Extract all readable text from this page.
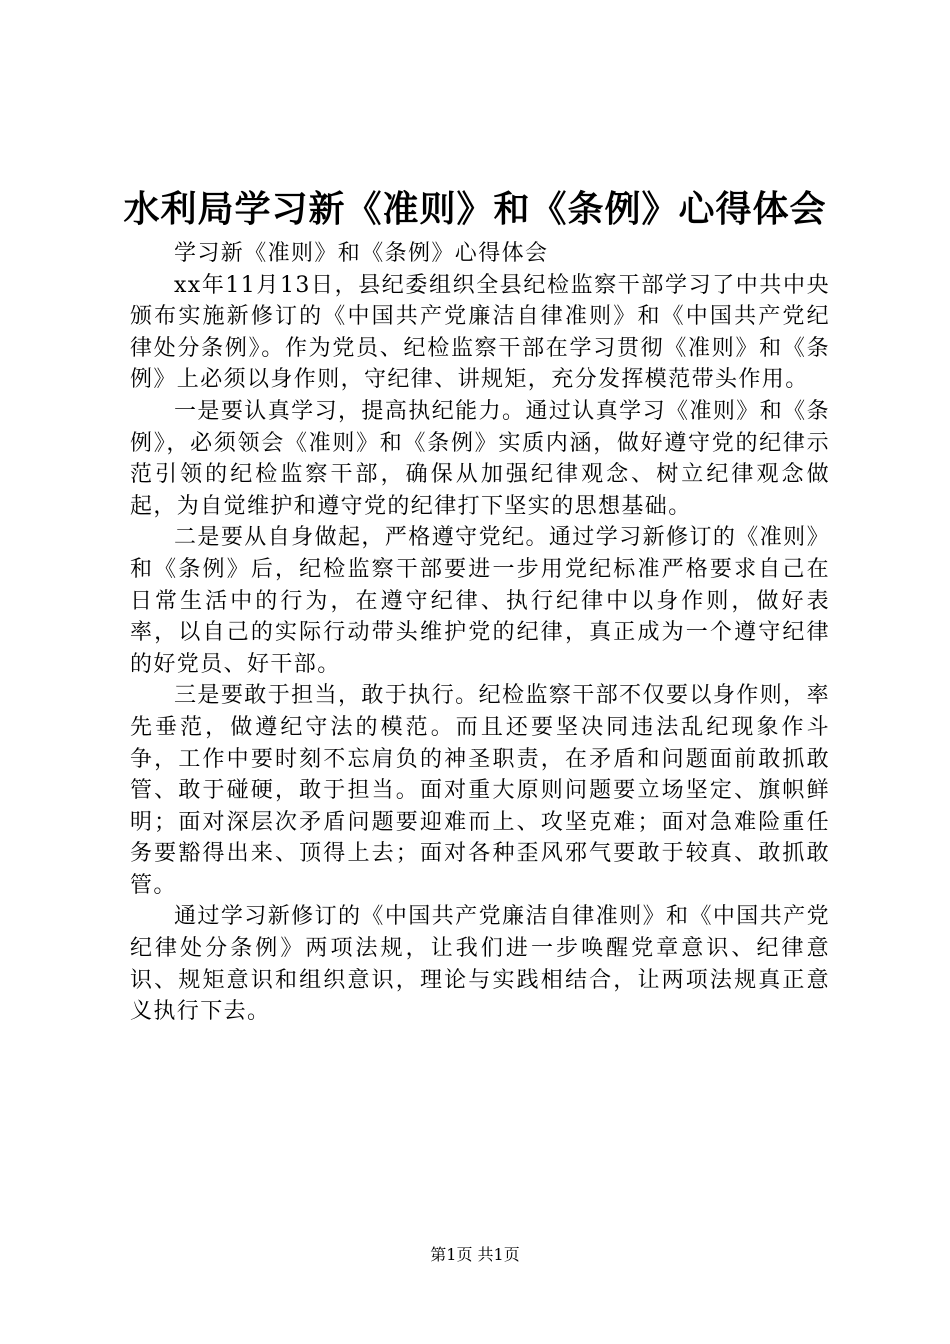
水利局学习新《准则》和《条例》心得体会

学习新《准则》和《条例》心得体会

xx年11月13日，县纪委组织全县纪检监察干部学习了中共中央颁布实施新修订的《中国共产党廉洁自律准则》和《中国共产党纪律处分条例》。作为党员、纪检监察干部在学习贯彻《准则》和《条例》上必须以身作则，守纪律、讲规矩，充分发挥模范带头作用。

一是要认真学习，提高执纪能力。通过认真学习《准则》和《条例》，必须领会《准则》和《条例》实质内涵，做好遵守党的纪律示范引领的纪检监察干部，确保从加强纪律观念、树立纪律观念做起，为自觉维护和遵守党的纪律打下坚实的思想基础。

二是要从自身做起，严格遵守党纪。通过学习新修订的《准则》和《条例》后，纪检监察干部要进一步用党纪标准严格要求自己在日常生活中的行为，在遵守纪律、执行纪律中以身作则，做好表率，以自己的实际行动带头维护党的纪律，真正成为一个遵守纪律的好党员、好干部。

三是要敢于担当，敢于执行。纪检监察干部不仅要以身作则，率先垂范，做遵纪守法的模范。而且还要坚决同违法乱纪现象作斗争，工作中要时刻不忘肩负的神圣职责，在矛盾和问题面前敢抓敢管、敢于碰硬，敢于担当。面对重大原则问题要立场坚定、旗帜鲜明；面对深层次矛盾问题要迎难而上、攻坚克难；面对急难险重任务要豁得出来、顶得上去；面对各种歪风邪气要敢于较真、敢抓敢管。

通过学习新修订的《中国共产党廉洁自律准则》和《中国共产党纪律处分条例》两项法规，让我们进一步唤醒党章意识、纪律意识、规矩意识和组织意识，理论与实践相结合，让两项法规真正意义执行下去。

第1页 共1页
